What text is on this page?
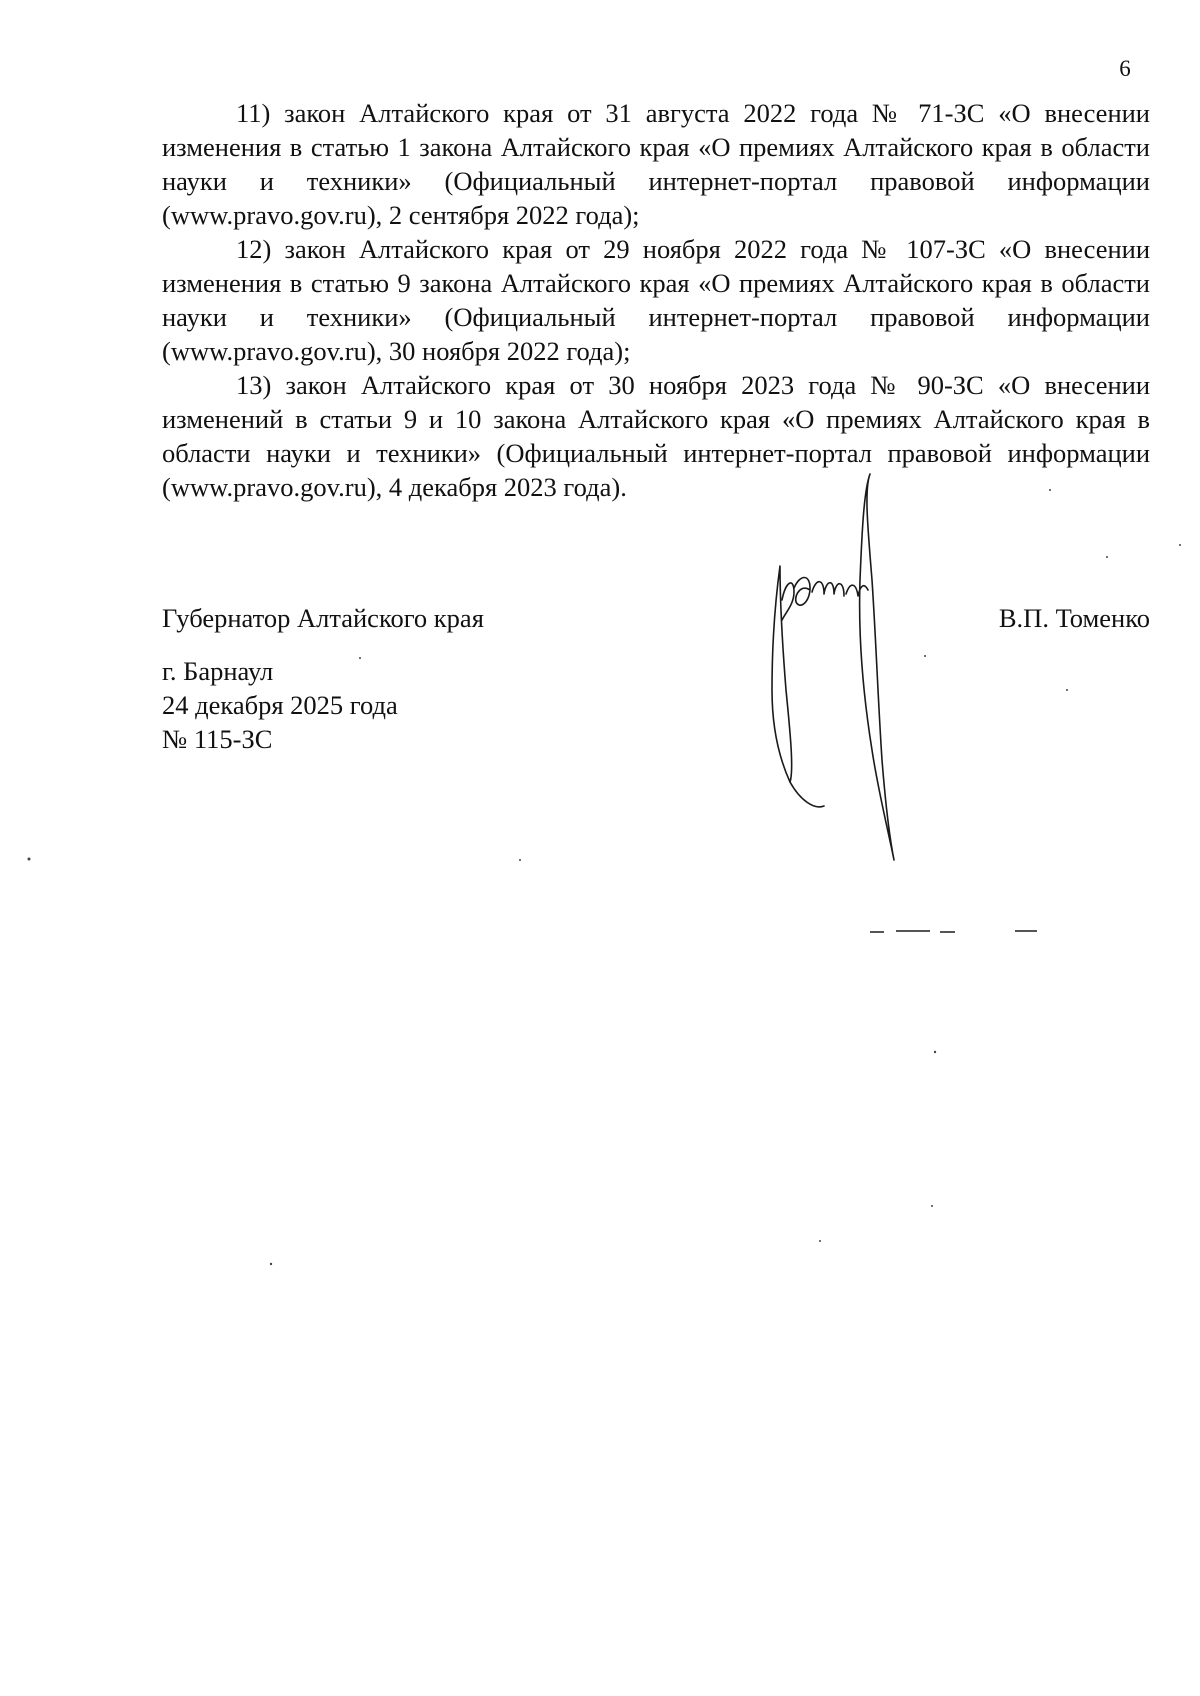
6

11) закон Алтайского края от 31 августа 2022 года № 71-ЗС «О внесении изменения в статью 1 закона Алтайского края «О премиях Алтайского края в области науки и техники» (Официальный интернет-портал правовой информации (www.pravo.gov.ru), 2 сентября 2022 года);

12) закон Алтайского края от 29 ноября 2022 года № 107-ЗС «О внесении изменения в статью 9 закона Алтайского края «О премиях Алтайского края в области науки и техники» (Официальный интернет-портал правовой информации (www.pravo.gov.ru), 30 ноября 2022 года);

13) закон Алтайского края от 30 ноября 2023 года № 90-ЗС «О внесении изменений в статьи 9 и 10 закона Алтайского края «О премиях Алтайского края в области науки и техники» (Официальный интернет-портал правовой информации (www.pravo.gov.ru), 4 декабря 2023 года).

Губернатор Алтайского края	В.П. Томенко
г. Барнаул
24 декабря 2025 года
№ 115-ЗС
